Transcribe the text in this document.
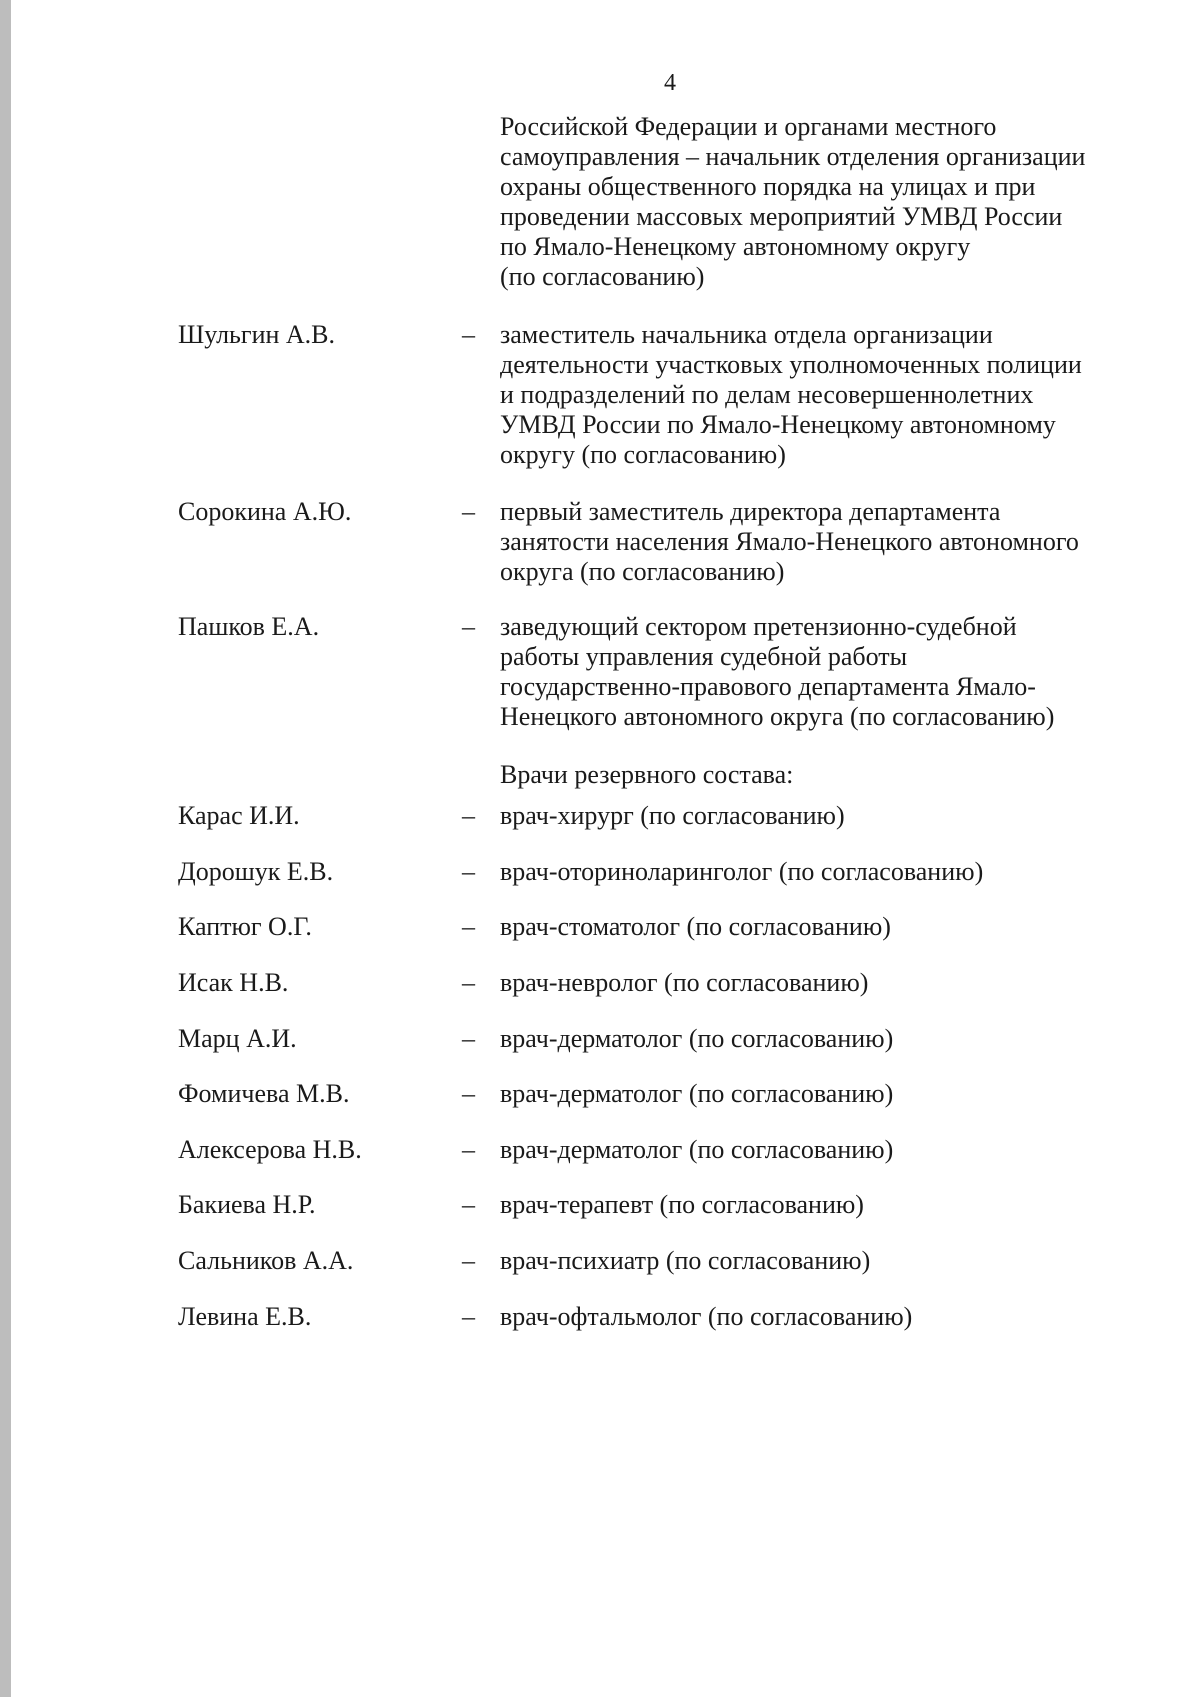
4
Российской Федерации и органами местного
самоуправления – начальник отделения организации
охраны общественного порядка на улицах и при
проведении массовых мероприятий УМВД России
по Ямало-Ненецкому автономному округу
(по согласованию)
Шульгин А.В.	– заместитель начальника отдела организации
деятельности участковых уполномоченных полиции
и подразделений по делам несовершеннолетних
УМВД России по Ямало-Ненецкому автономному
округу (по согласованию)
Сорокина А.Ю.	– первый заместитель директора департамента
занятости населения Ямало-Ненецкого автономного
округа (по согласованию)
Пашков Е.А.	– заведующий сектором претензионно-судебной
работы управления судебной работы
государственно-правового департамента Ямало-
Ненецкого автономного округа (по согласованию)
Врачи резервного состава:
Карас И.И.	– врач-хирург (по согласованию)
Дорошук Е.В.	– врач-оториноларинголог (по согласованию)
Каптюг О.Г.	– врач-стоматолог (по согласованию)
Исак Н.В.	– врач-невролог (по согласованию)
Марц А.И.	– врач-дерматолог (по согласованию)
Фомичева М.В.	– врач-дерматолог (по согласованию)
Алексерова Н.В.	– врач-дерматолог (по согласованию)
Бакиева Н.Р.	– врач-терапевт (по согласованию)
Сальников А.А.	– врач-психиатр (по согласованию)
Левина Е.В.	– врач-офтальмолог (по согласованию)
